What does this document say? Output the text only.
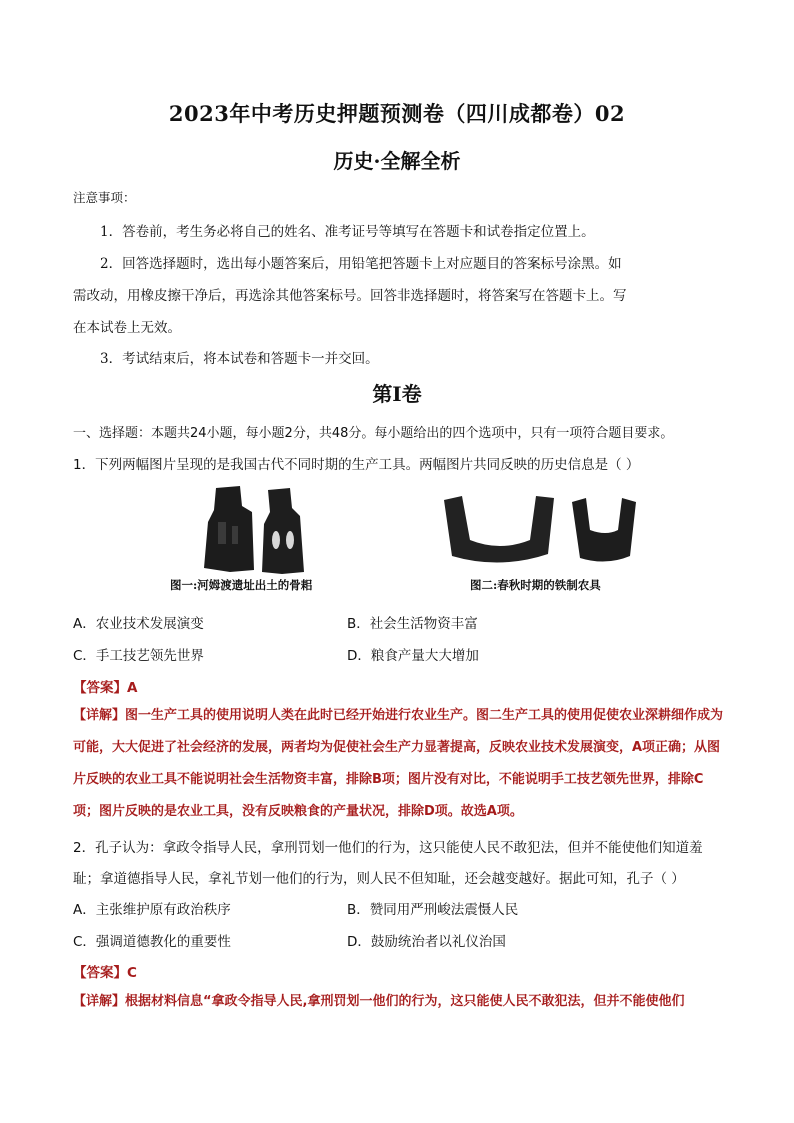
2023年中考历史押题预测卷（四川成都卷）02
历史·全解全析
注意事项：
1．答卷前，考生务必将自己的姓名、准考证号等填写在答题卡和试卷指定位置上。
2．回答选择题时，选出每小题答案后，用铅笔把答题卡上对应题目的答案标号涂黑。如
需改动，用橡皮擦干净后，再选涂其他答案标号。回答非选择题时，将答案写在答题卡上。写
在本试卷上无效。
3．考试结束后，将本试卷和答题卡一并交回。
第Ⅰ卷
一、选择题：本题共24小题，每小题2分，共48分。每小题给出的四个选项中，只有一项符合题目要求。
1．下列两幅图片呈现的是我国古代不同时期的生产工具。两幅图片共同反映的历史信息是（ ）
图一:河姆渡遗址出土的骨耜	图二:春秋时期的铁制农具
A．农业技术发展演变	B．社会生活物资丰富
C．手工技艺领先世界	D．粮食产量大大增加
【答案】A
【详解】图一生产工具的使用说明人类在此时已经开始进行农业生产。图二生产工具的使用促使农业深耕细作成为可能，大大促进了社会经济的发展，两者均为促使社会生产力显著提高，反映农业技术发展演变，A项正确；从图片反映的农业工具不能说明社会生活物资丰富，排除B项；图片没有对比，不能说明手工技艺领先世界，排除C项；图片反映的是农业工具，没有反映粮食的产量状况，排除D项。故选A项。
2．孔子认为：拿政令指导人民，拿刑罚划一他们的行为，这只能使人民不敢犯法，但并不能使他们知道羞
耻；拿道德指导人民，拿礼节划一他们的行为，则人民不但知耻，还会越变越好。据此可知，孔子（ ）
A．主张维护原有政治秩序	B．赞同用严刑峻法震慑人民
C．强调道德教化的重要性	D．鼓励统治者以礼仪治国
【答案】C
【详解】根据材料信息“拿政令指导人民,拿刑罚划一他们的行为，这只能使人民不敢犯法，但并不能使他们
